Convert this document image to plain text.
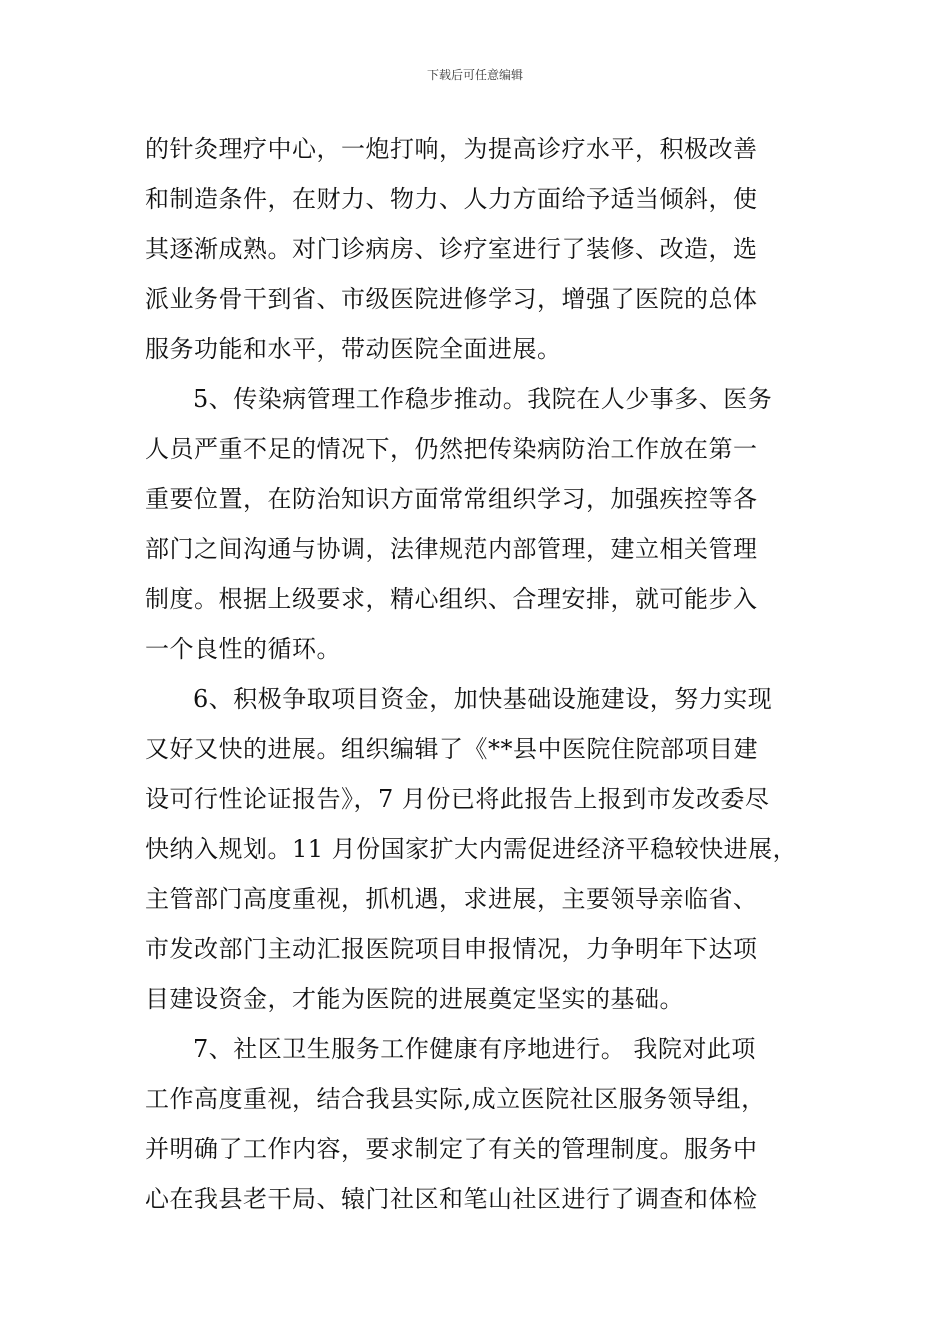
下载后可任意编辑
的针灸理疗中心，一炮打响，为提高诊疗水平，积极改善
和制造条件，在财力、物力、人力方面给予适当倾斜，使
其逐渐成熟。对门诊病房、诊疗室进行了装修、改造，选
派业务骨干到省、市级医院进修学习，增强了医院的总体
服务功能和水平，带动医院全面进展。
5、传染病管理工作稳步推动。我院在人少事多、医务
人员严重不足的情况下，仍然把传染病防治工作放在第一
重要位置，在防治知识方面常常组织学习，加强疾控等各
部门之间沟通与协调，法律规范内部管理，建立相关管理
制度。根据上级要求，精心组织、合理安排，就可能步入
一个良性的循环。
6、积极争取项目资金，加快基础设施建设，努力实现
又好又快的进展。组织编辑了《**县中医院住院部项目建
设可行性论证报告》，7 月份已将此报告上报到市发改委尽
快纳入规划。11 月份国家扩大内需促进经济平稳较快进展，
主管部门高度重视，抓机遇，求进展，主要领导亲临省、
市发改部门主动汇报医院项目申报情况，力争明年下达项
目建设资金，才能为医院的进展奠定坚实的基础。
7、社区卫生服务工作健康有序地进行。 我院对此项
工作高度重视，结合我县实际,成立医院社区服务领导组，
并明确了工作内容，要求制定了有关的管理制度。服务中
心在我县老干局、辕门社区和笔山社区进行了调查和体检
